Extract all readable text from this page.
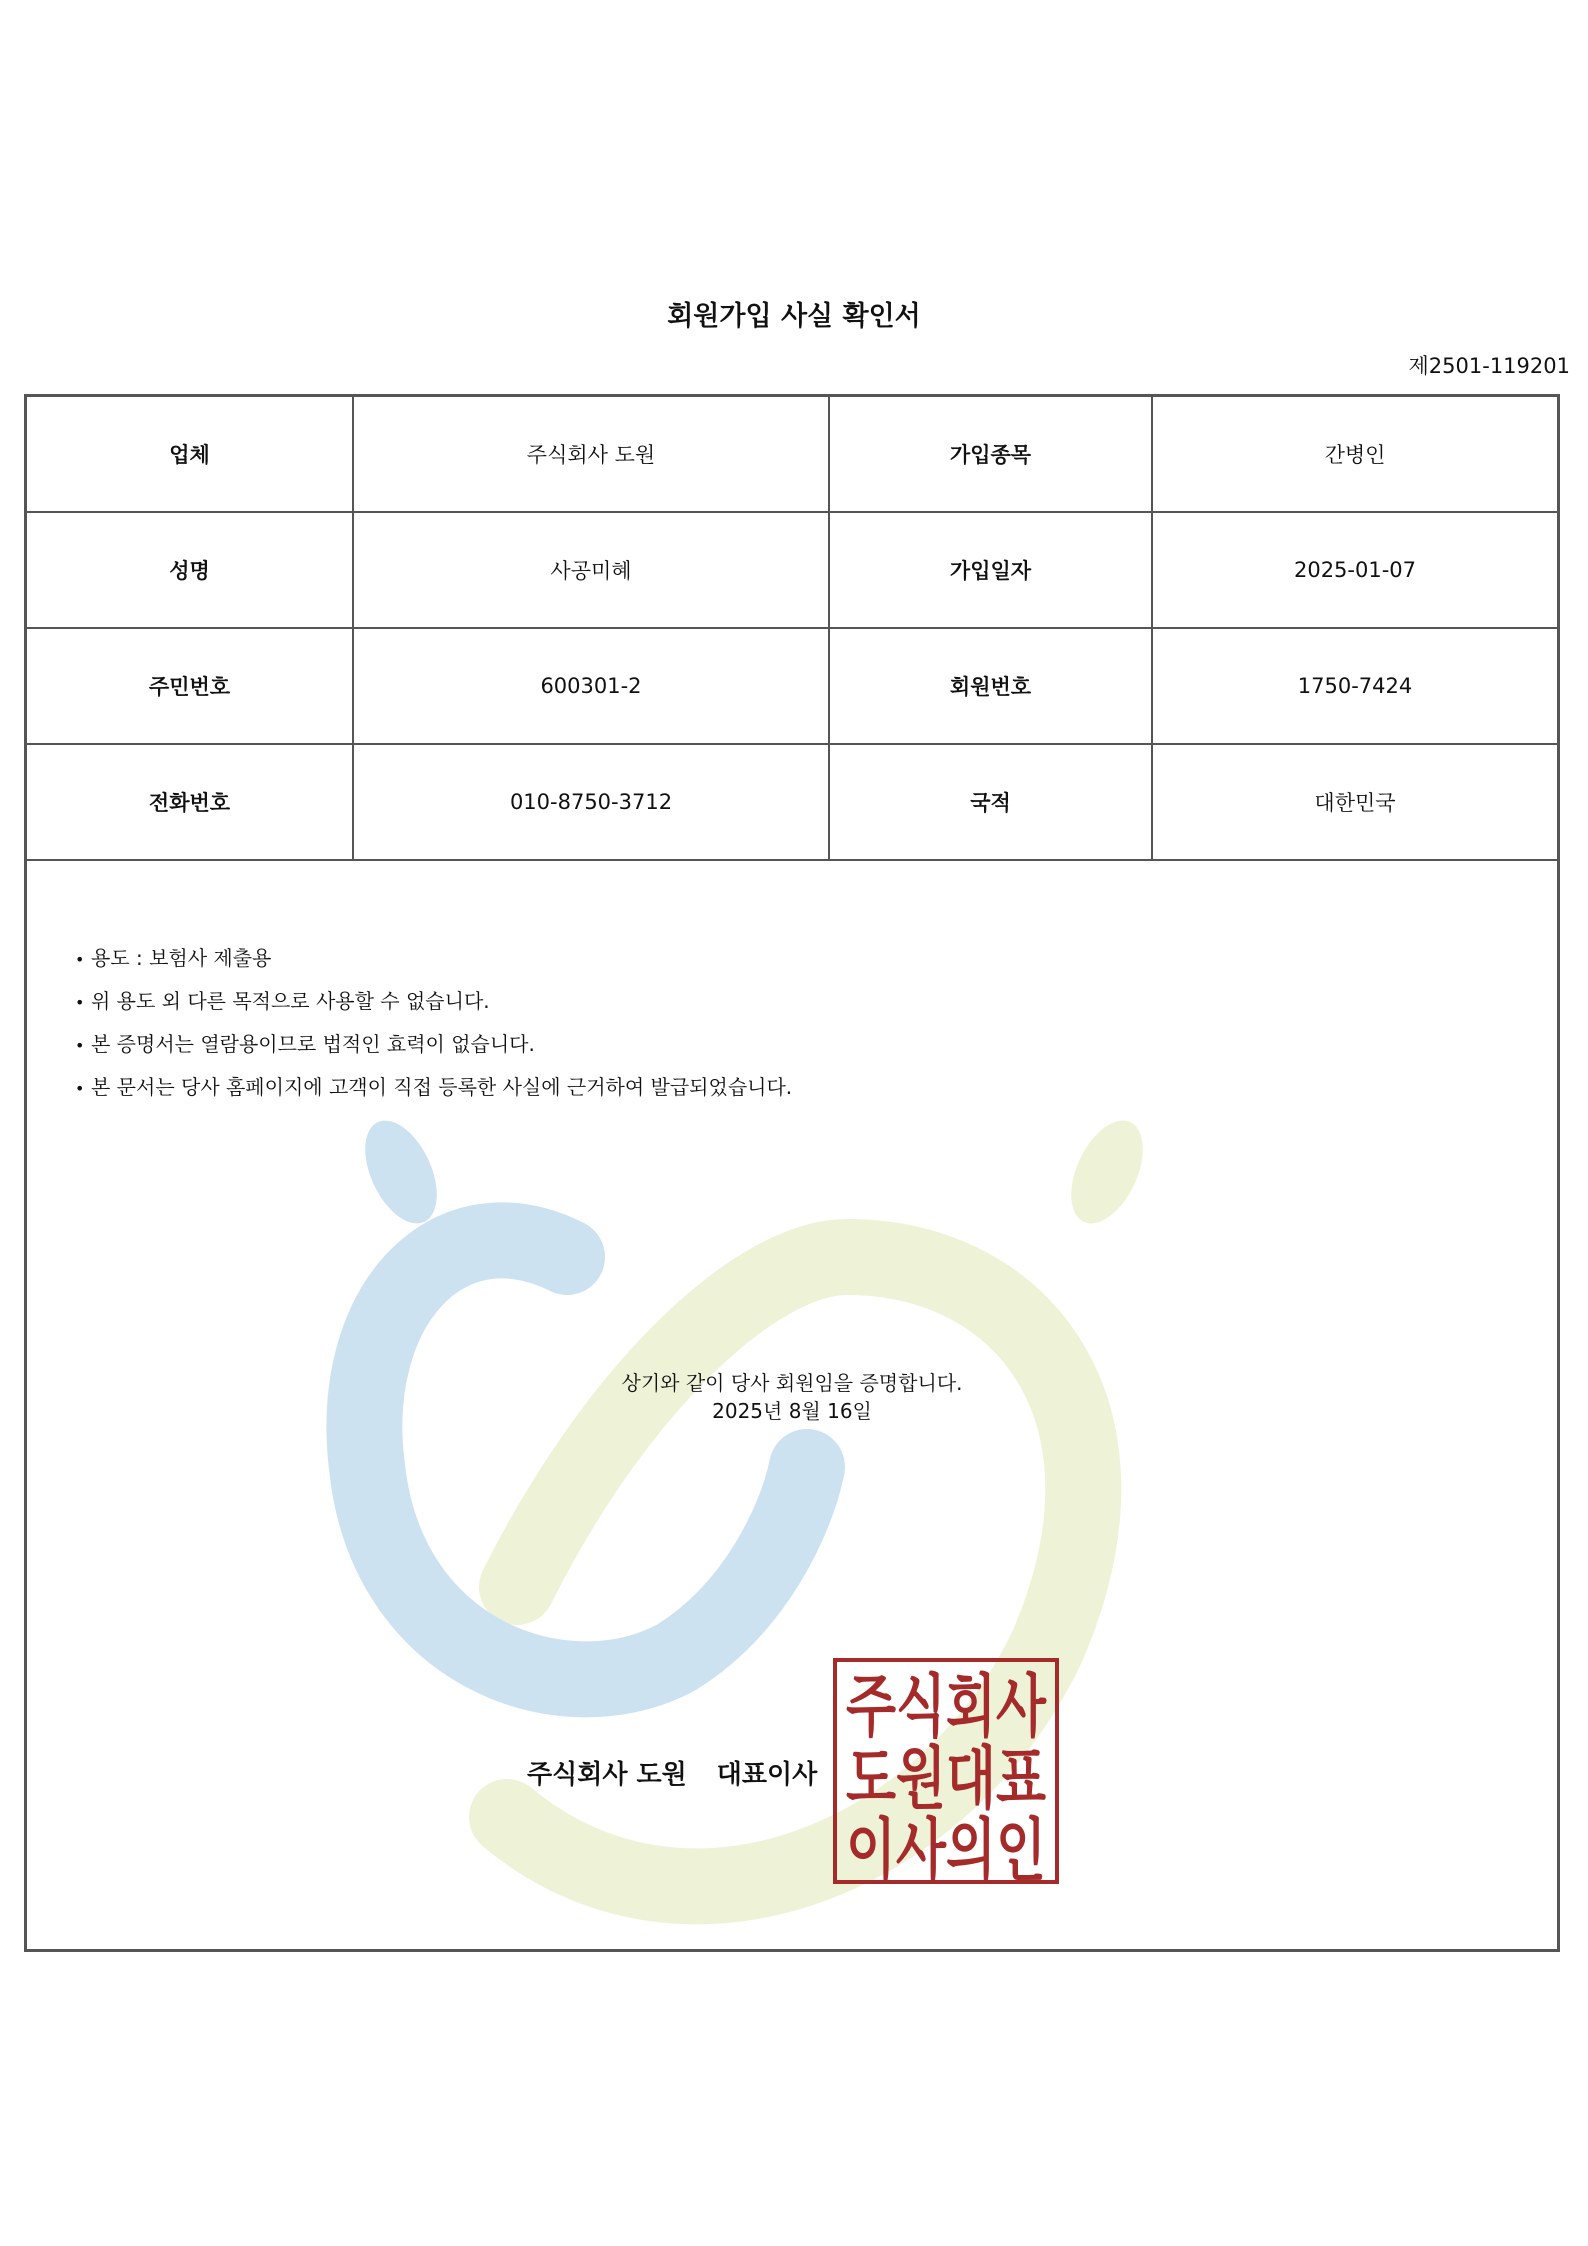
회원가입 사실 확인서
제2501-119201
업체	주식회사 도원	가입종목	간병인
성명	사공미혜	가입일자	2025-01-07
주민번호	600301-2	회원번호	1750-7424
전화번호	010-8750-3712	국적	대한민국
• 용도 : 보험사 제출용
• 위 용도 외 다른 목적으로 사용할 수 없습니다.
• 본 증명서는 열람용이므로 법적인 효력이 없습니다.
• 본 문서는 당사 홈페이지에 고객이 직접 등록한 사실에 근거하여 발급되었습니다.
상기와 같이 당사 회원임을 증명합니다.
2025년 8월 16일
주식회사 도원 대표이사
주식회사
도원대표
이사의인
